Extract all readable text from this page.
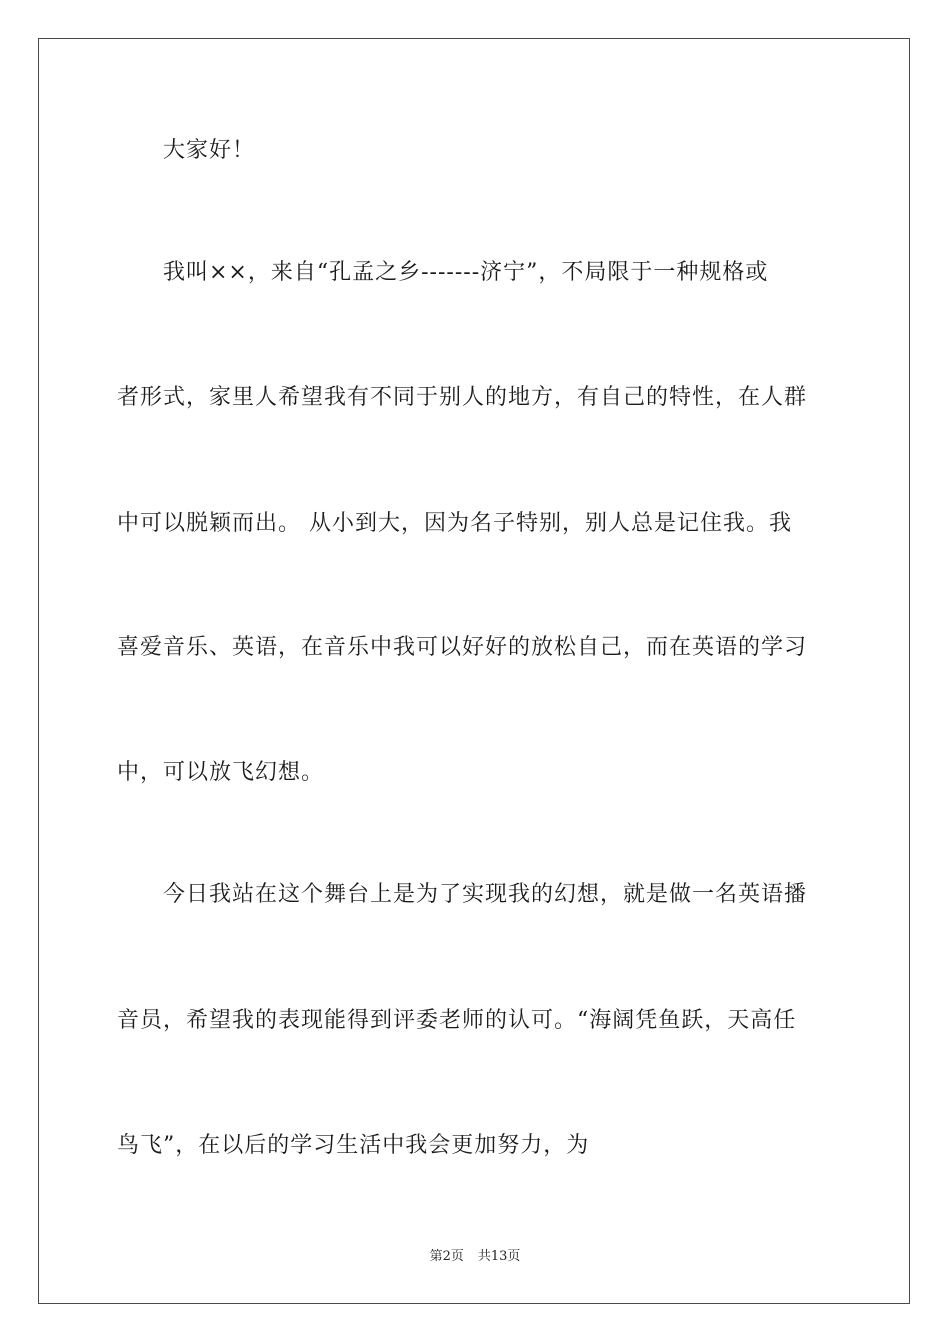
大家好！
我叫××，来自“孔孟之乡-------济宁”，不局限于一种规格或
者形式，家里人希望我有不同于别人的地方，有自己的特性，在人群
中可以脱颖而出。 从小到大，因为名子特别，别人总是记住我。我
喜爱音乐、英语，在音乐中我可以好好的放松自己，而在英语的学习
中，可以放飞幻想。
今日我站在这个舞台上是为了实现我的幻想，就是做一名英语播
音员，希望我的表现能得到评委老师的认可。“海阔凭鱼跃，天高任
鸟飞”，在以后的学习生活中我会更加努力，为
第2页 共13页
